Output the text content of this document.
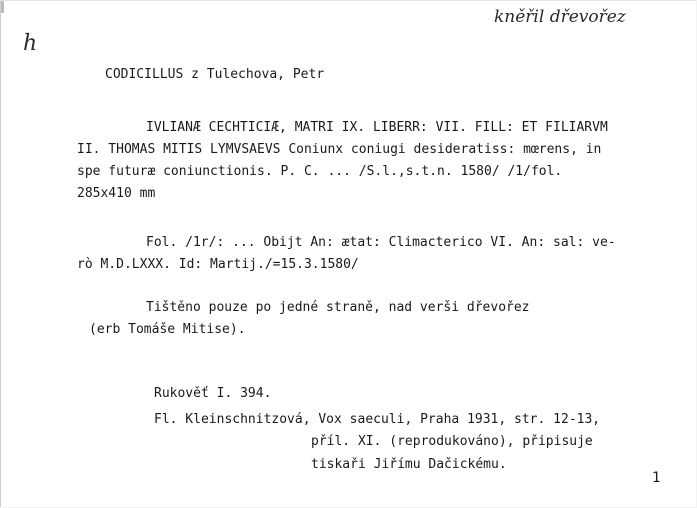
h
kněřil dřevořez
CODICILLUS z Tulechova, Petr
IVLIANÆ CECHTICIÆ, MATRI IX. LIBERR: VII. FILL: ET FILIARVM
II. THOMAS MITIS LYMVSAEVS Coniunx coniugi desideratiss: mœrens, in
spe futuræ coniunctionis. P. C. ... /S.l.,s.t.n. 1580/ /1/fol.
285x410 mm
Fol. /1r/: ... Obijt An: ætat: Climacterico VI. An: sal: ve-
rò M.D.LXXX. Id: Martij./=15.3.1580/
Tištěno pouze po jedné straně, nad verši dřevořez
(erb Tomáše Mitise).
Rukověť I. 394.
Fl. Kleinschnitzová, Vox saeculi, Praha 1931, str. 12-13,
příl. XI. (reprodukováno), připisuje
tiskaři Jiřímu Dačickému.
1
